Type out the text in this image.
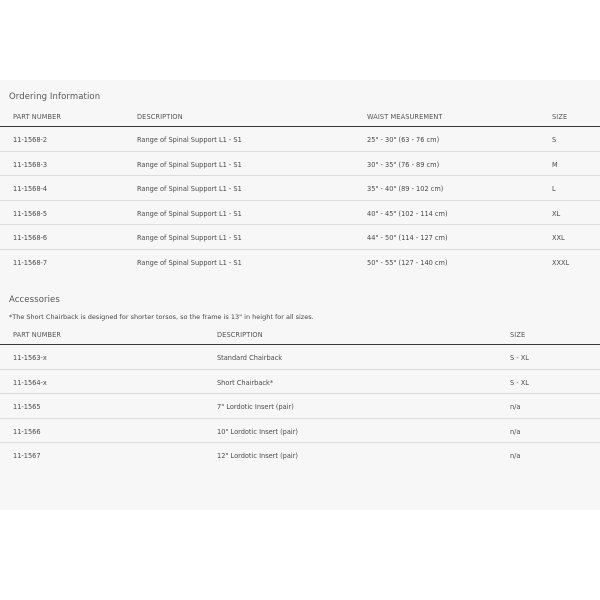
Ordering Information
PART NUMBER	DESCRIPTION	WAIST MEASUREMENT	SIZE
11-1568-2	Range of Spinal Support L1 - S1	25" - 30" (63 - 76 cm)	S
11-1568-3	Range of Spinal Support L1 - S1	30" - 35" (76 - 89 cm)	M
11-1568-4	Range of Spinal Support L1 - S1	35" - 40" (89 - 102 cm)	L
11-1568-5	Range of Spinal Support L1 - S1	40" - 45" (102 - 114 cm)	XL
11-1568-6	Range of Spinal Support L1 - S1	44" - 50" (114 - 127 cm)	XXL
11-1568-7	Range of Spinal Support L1 - S1	50" - 55" (127 - 140 cm)	XXXL
Accessories
*The Short Chairback is designed for shorter torsos, so the frame is 13" in height for all sizes.
PART NUMBER	DESCRIPTION	SIZE
11-1563-x	Standard Chairback	S - XL
11-1564-x	Short Chairback*	S - XL
11-1565	7" Lordotic Insert (pair)	n/a
11-1566	10" Lordotic Insert (pair)	n/a
11-1567	12" Lordotic Insert (pair)	n/a
